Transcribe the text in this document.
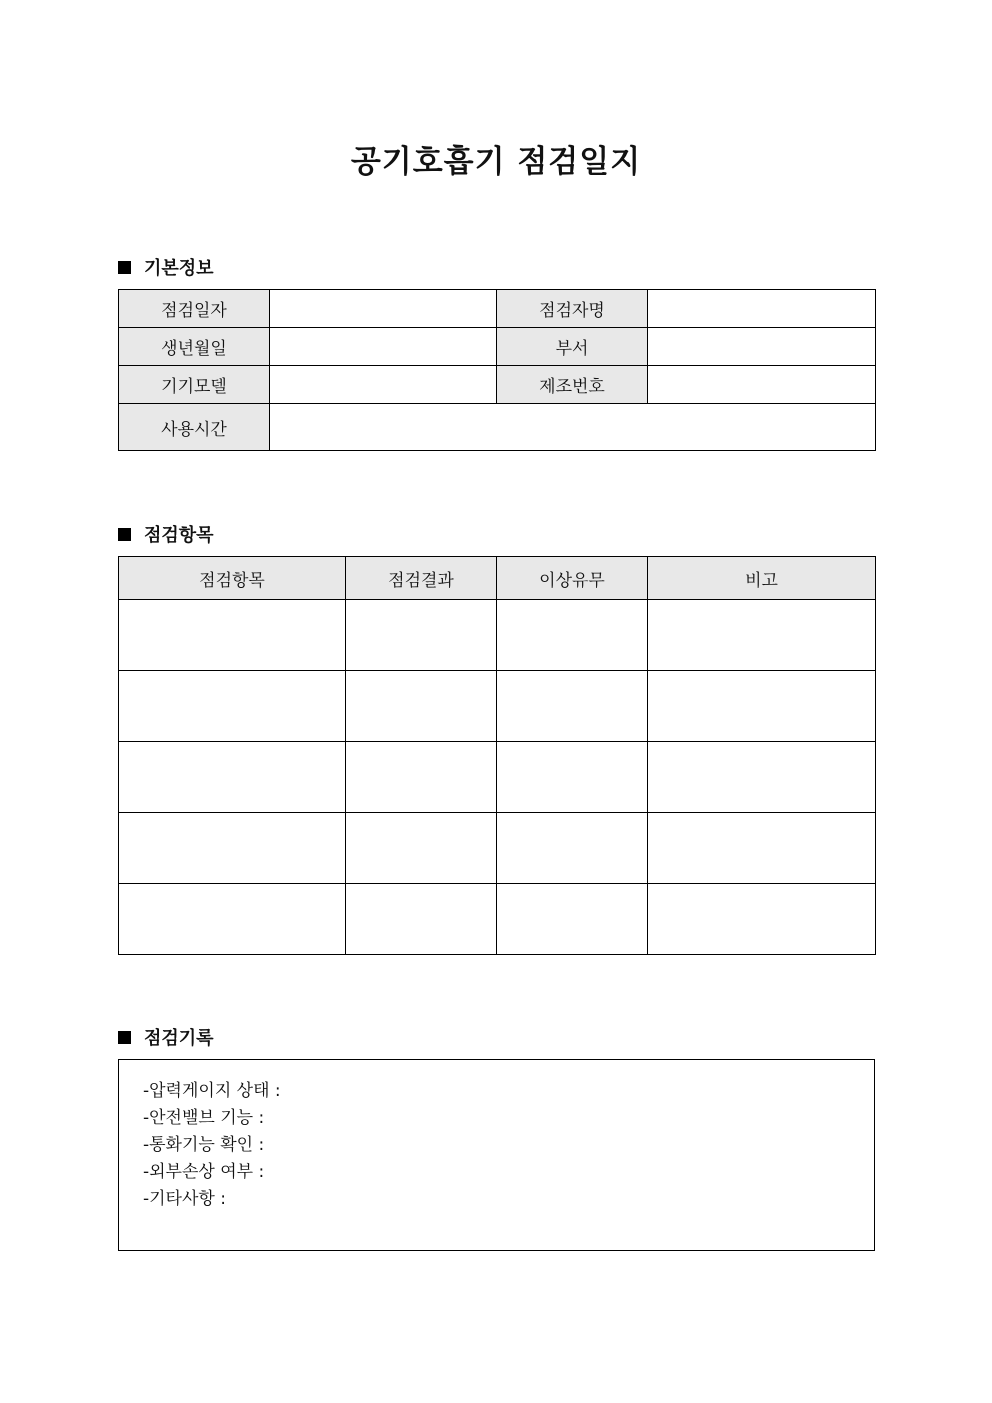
공기호흡기 점검일지
기본정보
점검일자		점검자명	
생년월일		부서	
기기모델		제조번호	
사용시간			
점검항목
점검항목	점검결과	이상유무	비고

점검기록
-압력게이지 상태 :
-안전밸브 기능 :
-통화기능 확인 :
-외부손상 여부 :
-기타사항 :
